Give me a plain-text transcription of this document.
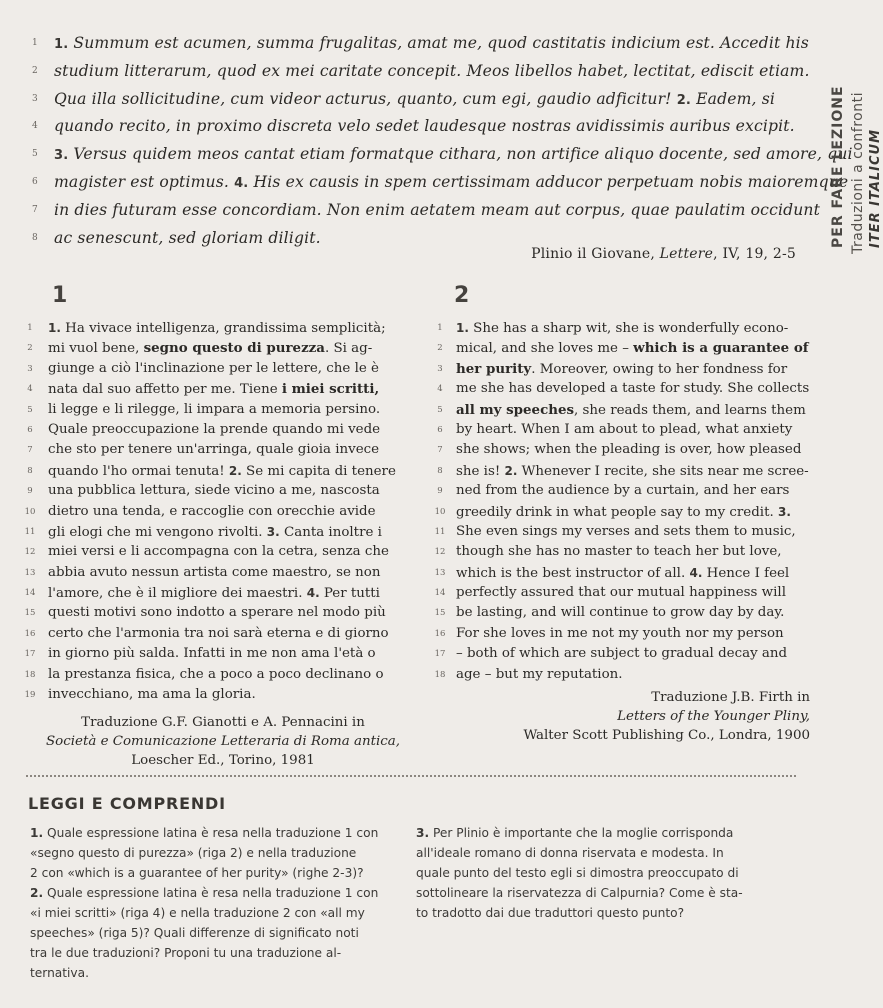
1	1. Summum est acumen, summa frugalitas, amat me, quod castitatis indicium est. Accedit his
2	studium litterarum, quod ex mei caritate concepit. Meos libellos habet, lectitat, ediscit etiam.
3	Qua illa sollicitudine, cum videor acturus, quanto, cum egi, gaudio adficitur! 2. Eadem, si
4	quando recito, in proximo discreta velo sedet laudesque nostras avidissimis auribus excipit.
5	3. Versus quidem meos cantat etiam formatque cithara, non artifice aliquo docente, sed amore, qui
6	magister est optimus. 4. His ex causis in spem certissimam adducor perpetuam nobis maioremque
7	in dies futuram esse concordiam. Non enim aetatem meam aut corpus, quae paulatim occidunt
8	ac senescunt, sed gloriam diligit.
Plinio il Giovane, Lettere, IV, 19, 2-5
1	2
1	1. Ha vivace intelligenza, grandissima semplicità;
2	mi vuol bene, segno questo di purezza. Si ag-
3	giunge a ciò l'inclinazione per le lettere, che le è
4	nata dal suo affetto per me. Tiene i miei scritti,
5	li legge e li rilegge, li impara a memoria persino.
6	Quale preoccupazione la prende quando mi vede
7	che sto per tenere un'arringa, quale gioia invece
8	quando l'ho ormai tenuta! 2. Se mi capita di tenere
9	una pubblica lettura, siede vicino a me, nascosta
10 dietro una tenda, e raccoglie con orecchie avide
11 gli elogi che mi vengono rivolti. 3. Canta inoltre i
12 miei versi e li accompagna con la cetra, senza che
13 abbia avuto nessun artista come maestro, se non
14 l'amore, che è il migliore dei maestri. 4. Per tutti
15 questi motivi sono indotto a sperare nel modo più
16 certo che l'armonia tra noi sarà eterna e di giorno
17 in giorno più salda. Infatti in me non ama l'età o
18 la prestanza fisica, che a poco a poco declinano o
19 invecchiano, ma ama la gloria.
1	1. She has a sharp wit, she is wonderfully econo-
2 mical, and she loves me – which is a guarantee of
3 her purity. Moreover, owing to her fondness for
4 me she has developed a taste for study. She collects
5 all my speeches, she reads them, and learns them
6 by heart. When I am about to plead, what anxiety
7 she shows; when the pleading is over, how pleased
8 she is! 2. Whenever I recite, she sits near me scree-
9 ned from the audience by a curtain, and her ears
10 greedily drink in what people say to my credit. 3.
11 She even sings my verses and sets them to music,
12 though she has no master to teach her but love,
13 which is the best instructor of all. 4. Hence I feel
14 perfectly assured that our mutual happiness will
15 be lasting, and will continue to grow day by day.
16 For she loves in me not my youth nor my person
17 – both of which are subject to gradual decay and
18 age – but my reputation.
Traduzione G.F. Gianotti e A. Pennacini in
Società e Comunicazione Letteraria di Roma antica,
Loescher Ed., Torino, 1981
Traduzione J.B. Firth in
Letters of the Younger Pliny,
Walter Scott Publishing Co., Londra, 1900
LEGGI E COMPRENDI
1. Quale espressione latina è resa nella traduzione 1 con
«segno questo di purezza» (riga 2) e nella traduzione
2 con «which is a guarantee of her purity» (righe 2-3)?
2. Quale espressione latina è resa nella traduzione 1 con
«i miei scritti» (riga 4) e nella traduzione 2 con «all my
speeches» (riga 5)? Quali differenze di significato noti
tra le due traduzioni? Proponi tu una traduzione al-
ternativa.
3. Per Plinio è importante che la moglie corrisponda
all'ideale romano di donna riservata e modesta. In
quale punto del testo egli si dimostra preoccupato di
sottolineare la riservatezza di Calpurnia? Come è sta-
to tradotto dai due traduttori questo punto?
PER FARE LEZIONE Traduzioni a confronti ITER ITALICUM
